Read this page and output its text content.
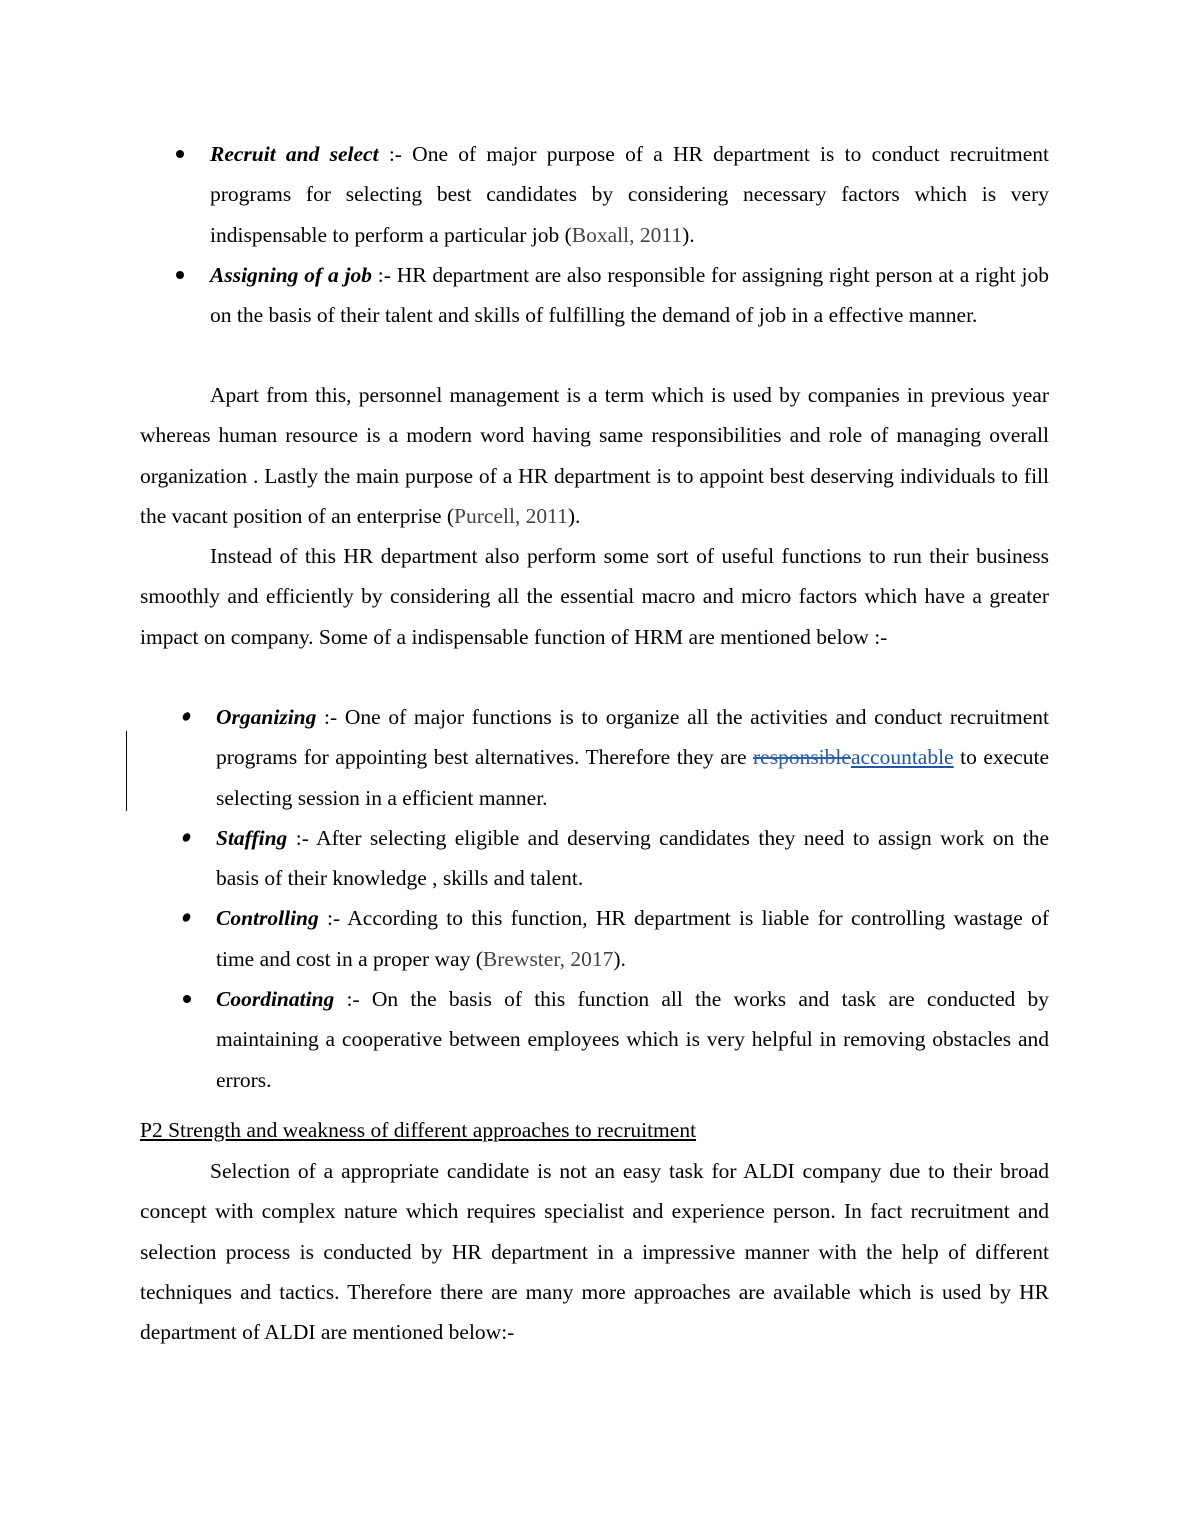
Recruit and select :- One of major purpose of a HR department is to conduct recruitment programs for selecting best candidates by considering necessary factors which is very indispensable to perform a particular job (Boxall, 2011).
Assigning of a job :- HR department are also responsible for assigning right person at a right job on the basis of their talent and skills of fulfilling the demand of job in a effective manner.
Apart from this, personnel management is a term which is used by companies in previous year whereas human resource is a modern word having same responsibilities and role of managing overall organization . Lastly the main purpose of a HR department is to appoint best deserving individuals to fill the vacant position of an enterprise (Purcell, 2011).
Instead of this HR department also perform some sort of useful functions to run their business smoothly and efficiently by considering all the essential macro and micro factors which have a greater impact on company. Some of a indispensable function of HRM are mentioned below :-
Organizing :- One of major functions is to organize all the activities and conduct recruitment programs for appointing best alternatives. Therefore they are responsibleaccountable to execute selecting session in a efficient manner.
Staffing :- After selecting eligible and deserving candidates they need to assign work on the basis of their knowledge , skills and talent.
Controlling :- According to this function, HR department is liable for controlling wastage of time and cost in a proper way (Brewster, 2017).
Coordinating :- On the basis of this function all the works and task are conducted by maintaining a cooperative between employees which is very helpful in removing obstacles and errors.
P2 Strength and weakness of different approaches to recruitment
Selection of a appropriate candidate is not an easy task for ALDI company due to their broad concept with complex nature which requires specialist and experience person. In fact recruitment and selection process is conducted by HR department in a impressive manner with the help of different techniques and tactics. Therefore there are many more approaches are available which is used by HR department of ALDI are mentioned below:-
